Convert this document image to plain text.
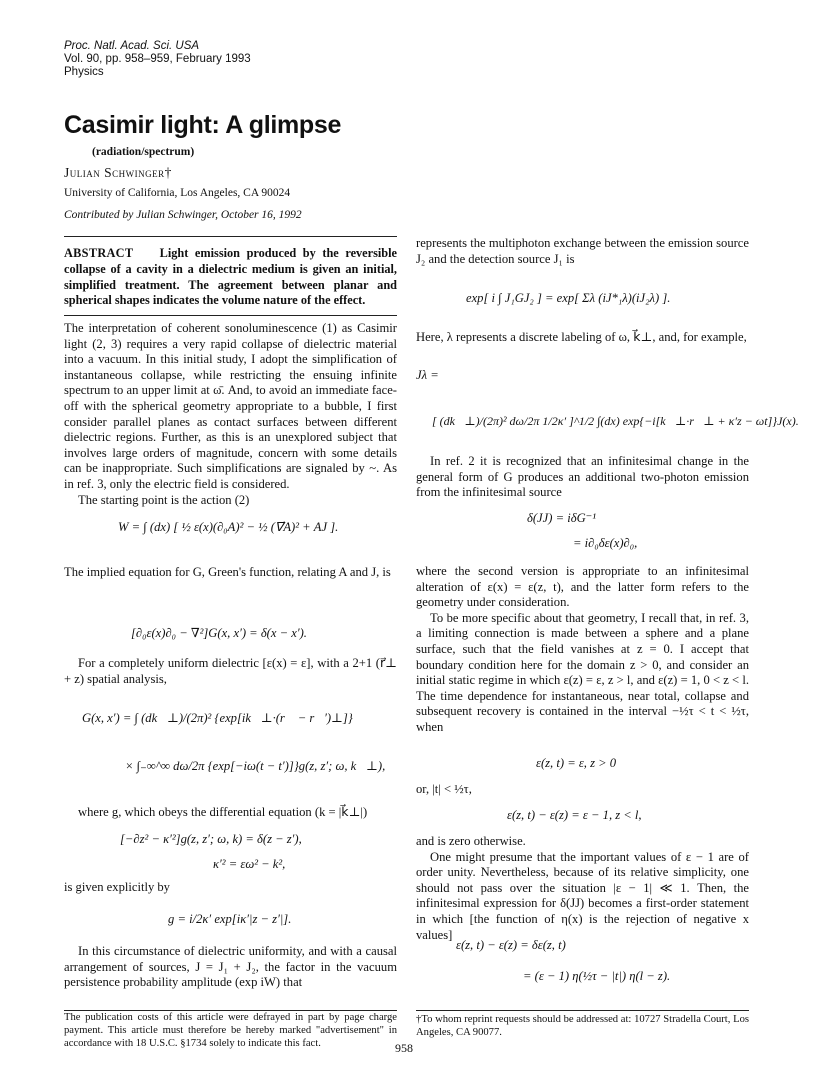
Proc. Natl. Acad. Sci. USA
Vol. 90, pp. 958–959, February 1993
Physics
Casimir light: A glimpse
(radiation/spectrum)
Julian Schwinger†
University of California, Los Angeles, CA 90024
Contributed by Julian Schwinger, October 16, 1992
ABSTRACT Light emission produced by the reversible collapse of a cavity in a dielectric medium is given an initial, simplified treatment. The agreement between planar and spherical shapes indicates the volume nature of the effect.

The interpretation of coherent sonoluminescence (1) as Casimir light (2, 3) requires a very rapid collapse of dielectric material into a vacuum. In this initial study, I adopt the simplification of instantaneous collapse, while restricting the ensuing infinite spectrum to an upper limit at ω̄. And, to avoid an immediate face-off with the spherical geometry appropriate to a bubble, I first consider parallel planes as contact surfaces between different dielectric regions. Further, as this is an unexplored subject that involves large orders of magnitude, concern with some details can be inappropriate. Such simplifications are signaled by ~. As in ref. 3, only the electric field is considered.

The starting point is the action (2)

W = ∫ (dx) [ ½ ε(x)(∂₀A)² − ½ (∇⃗A)² + AJ ].

The implied equation for G, Green's function, relating A and J, is

[∂₀ε(x)∂₀ − ∇²]G(x, x′) = δ(x − x′).

For a completely uniform dielectric [ε(x) = ε], with a 2+1 (r⃗⊥ + z) spatial analysis,

G(x, x′) = ∫ (dk⃗⊥)/(2π)² {exp[ik⃗⊥·(r⃗ − r⃗′)⊥]}
× ∫₋∞^∞ dω/2π {exp[−iω(t − t′)]}g(z, z′; ω, k⃗⊥),

where g, which obeys the differential equation (k = |k⃗⊥|)

[−∂z² − κ′²]g(z, z′; ω, k) = δ(z − z′),
κ′² = εω² − k²,

is given explicitly by

g = i/2κ′ exp[iκ′|z − z′|].

In this circumstance of dielectric uniformity, and with a causal arrangement of sources, J = J₁ + J₂, the factor in the vacuum persistence probability amplitude (exp iW) that

The publication costs of this article were defrayed in part by page charge payment. This article must therefore be hereby marked "advertisement" in accordance with 18 U.S.C. §1734 solely to indicate this fact.

represents the multiphoton exchange between the emission source J₂ and the detection source J₁ is

exp[ i ∫ J₁GJ₂ ] = exp[ Σλ (iJ*₁λ)(iJ₂λ) ].

Here, λ represents a discrete labeling of ω, k⃗⊥, and, for example,

Jλ =
[ (dk⃗⊥)/(2π)² dω/2π 1/2κ′ ]^1/2 ∫(dx) exp{−i[k⃗⊥·r⃗⊥ + κ′z − ωt]}J(x).

In ref. 2 it is recognized that an infinitesimal change in the general form of G produces an additional two-photon emission from the infinitesimal source

δ(JJ) = iδG⁻¹
= i∂₀δε(x)∂₀,

where the second version is appropriate to an infinitesimal alteration of ε(x) = ε(z, t), and the latter form refers to the geometry under consideration.

To be more specific about that geometry, I recall that, in ref. 3, a limiting connection is made between a sphere and a plane surface, such that the field vanishes at z = 0. I accept that boundary condition here for the domain z > 0, and consider an initial static regime in which ε(z) = ε, z > l, and ε(z) = 1, 0 < z < l. The time dependence for instantaneous, near total, collapse and subsequent recovery is contained in the interval −½τ < t < ½τ, when

ε(z, t) = ε, z > 0

or, |t| < ½τ,

ε(z, t) − ε(z) = ε − 1, z < l,

and is zero otherwise.

One might presume that the important values of ε − 1 are of order unity. Nevertheless, because of its relative simplicity, one should not pass over the situation |ε − 1| ≪ 1. Then, the infinitesimal expression for δ(JJ) becomes a first-order statement in which [the function of η(x) is the rejection of negative x values]

ε(z, t) − ε(z) = δε(z, t)
= (ε − 1) η(½τ − |t|) η(l − z).
†To whom reprint requests should be addressed at: 10727 Stradella Court, Los Angeles, CA 90077.
958
